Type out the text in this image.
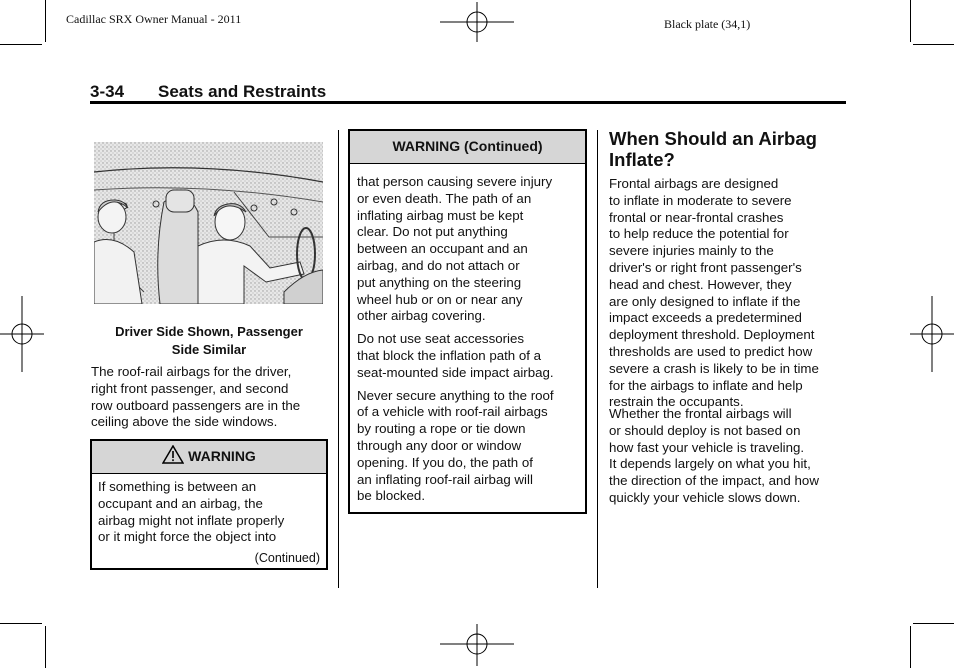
Cadillac SRX Owner Manual - 2011	Black plate (34,1)
3-34 Seats and Restraints
Driver Side Shown, Passenger
Side Similar
The roof-rail airbags for the driver,
right front passenger, and second
row outboard passengers are in the
ceiling above the side windows.
WARNING
If something is between an
occupant and an airbag, the
airbag might not inflate properly
or it might force the object into
(Continued)
WARNING (Continued)
that person causing severe injury
or even death. The path of an
inflating airbag must be kept
clear. Do not put anything
between an occupant and an
airbag, and do not attach or
put anything on the steering
wheel hub or on or near any
other airbag covering.
Do not use seat accessories
that block the inflation path of a
seat-mounted side impact airbag.
Never secure anything to the roof
of a vehicle with roof-rail airbags
by routing a rope or tie down
through any door or window
opening. If you do, the path of
an inflating roof-rail airbag will
be blocked.
When Should an Airbag
Inflate?
Frontal airbags are designed
to inflate in moderate to severe
frontal or near-frontal crashes
to help reduce the potential for
severe injuries mainly to the
driver's or right front passenger's
head and chest. However, they
are only designed to inflate if the
impact exceeds a predetermined
deployment threshold. Deployment
thresholds are used to predict how
severe a crash is likely to be in time
for the airbags to inflate and help
restrain the occupants.
Whether the frontal airbags will
or should deploy is not based on
how fast your vehicle is traveling.
It depends largely on what you hit,
the direction of the impact, and how
quickly your vehicle slows down.
